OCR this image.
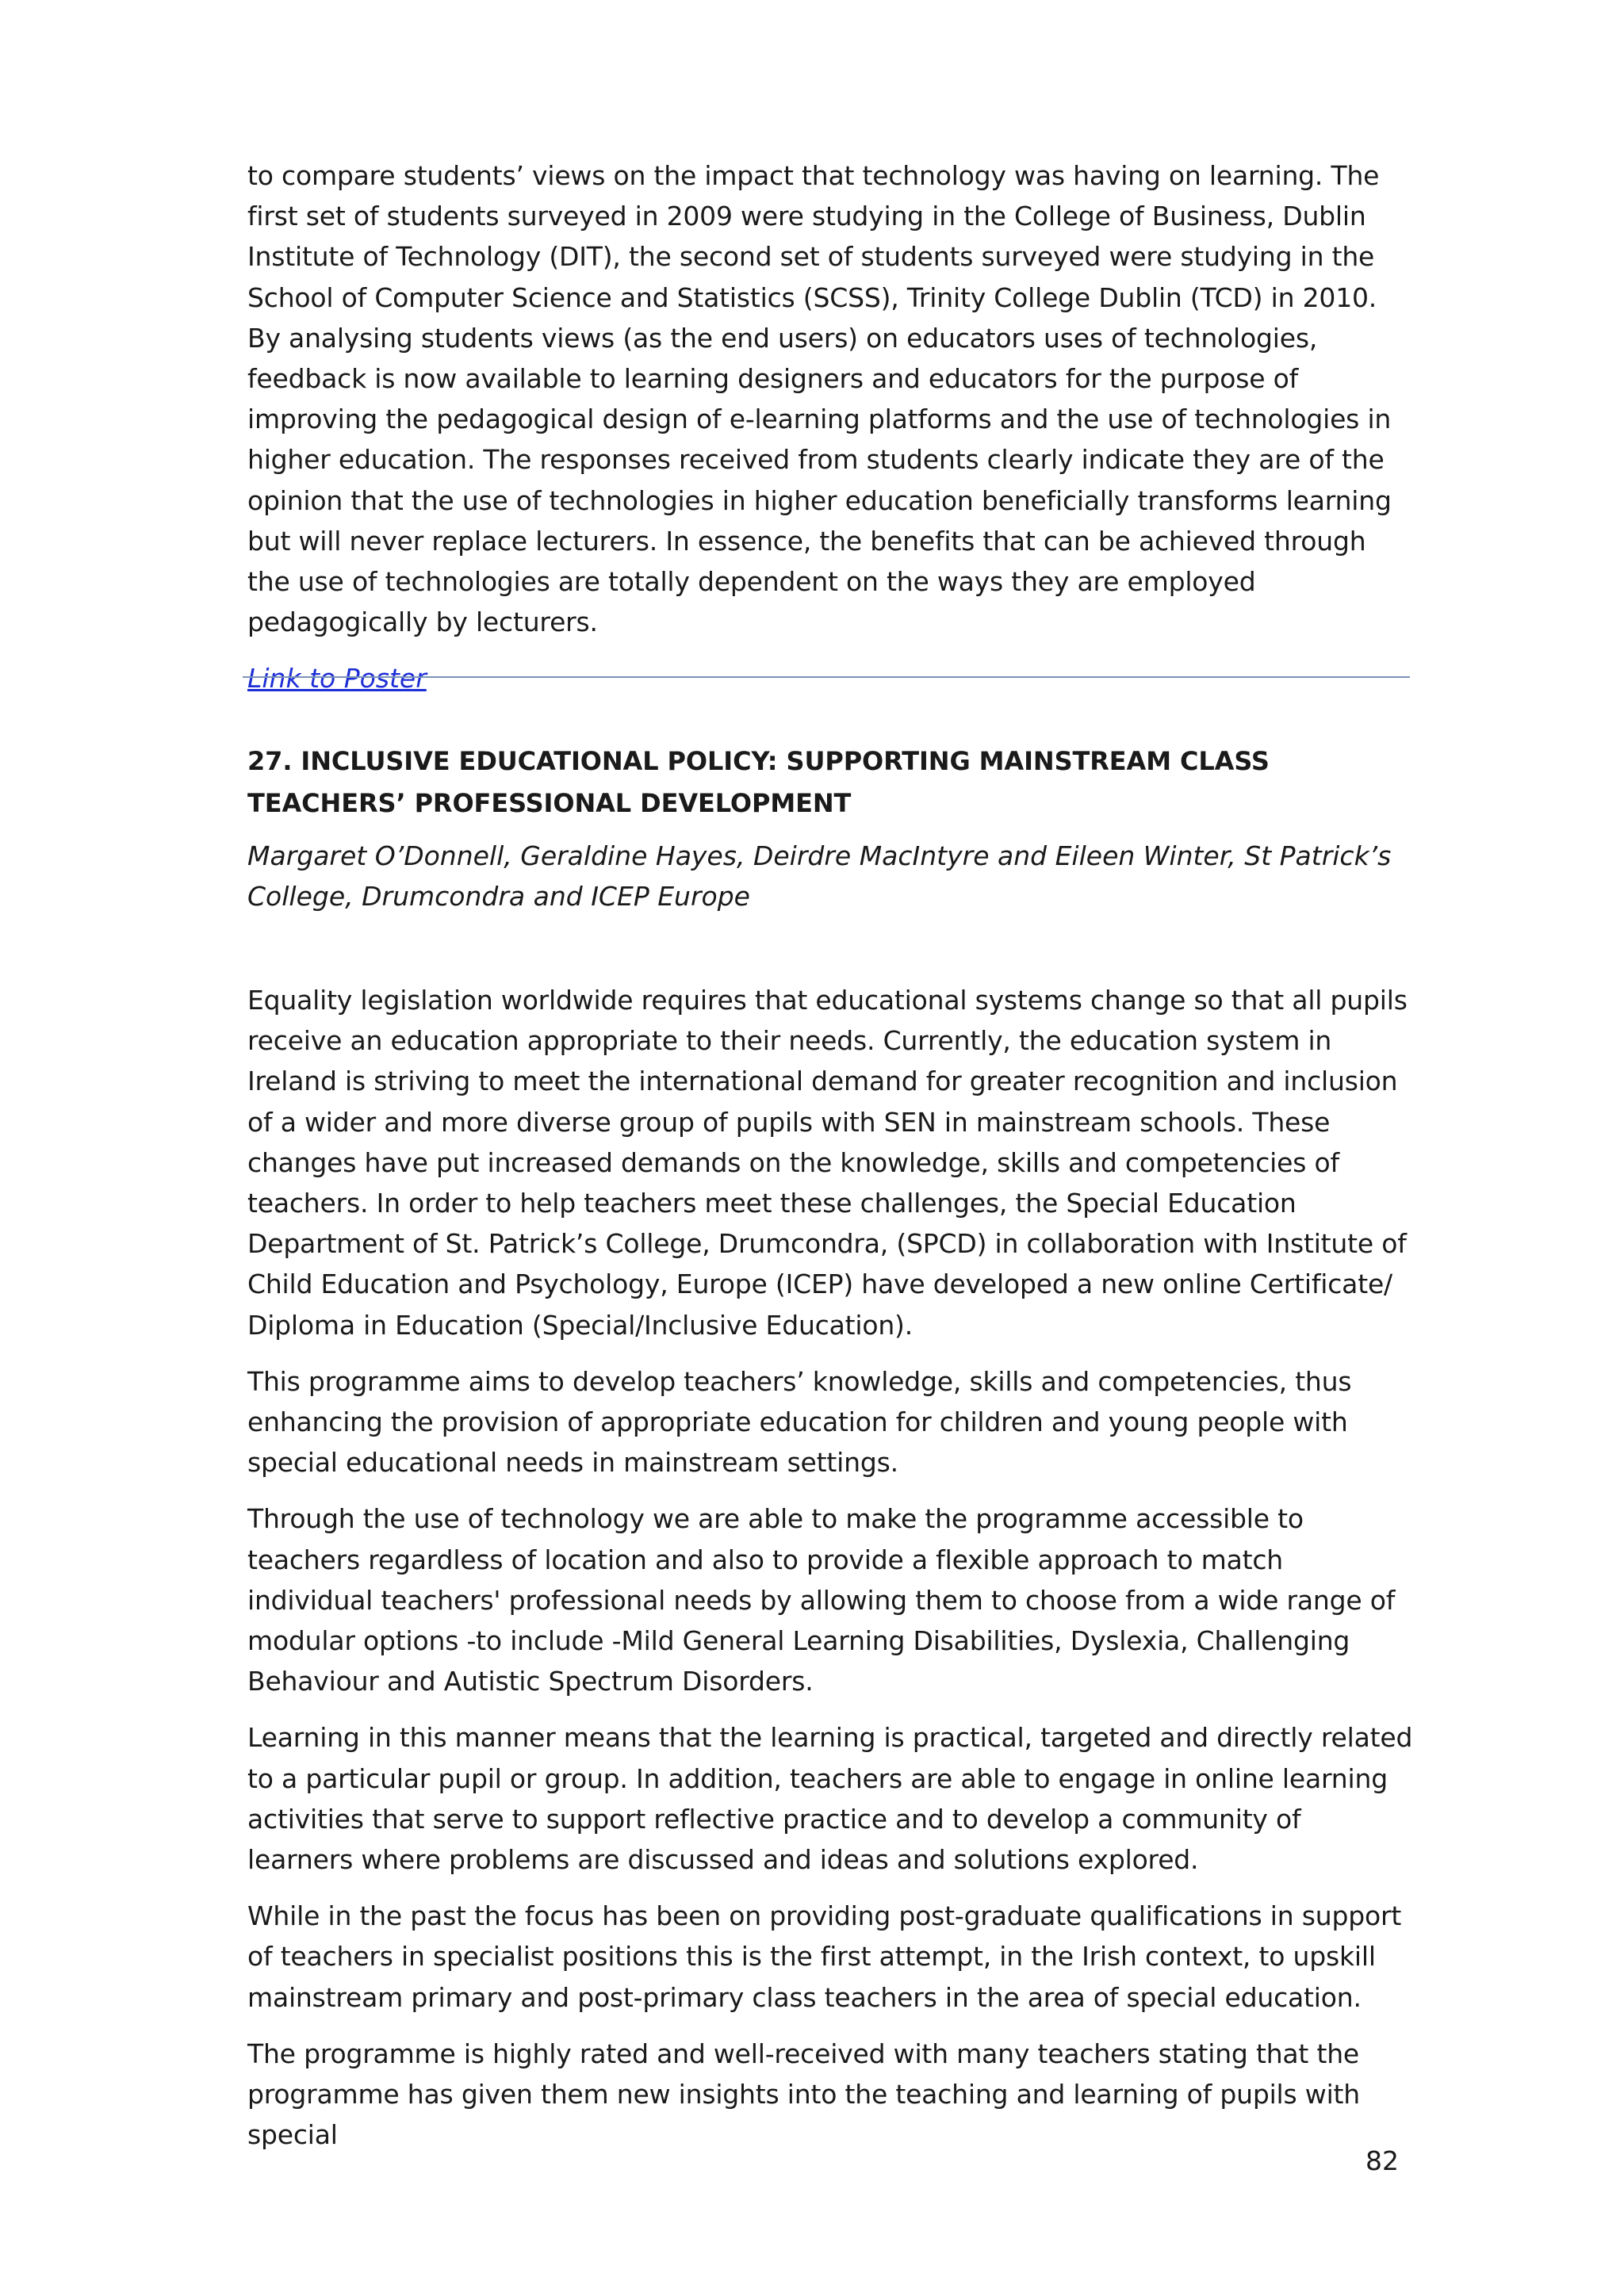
to compare students’ views on the impact that technology was having on learning. The first set of students surveyed in 2009 were studying in the College of Business, Dublin Institute of Technology (DIT), the second set of students surveyed were studying in the School of Computer Science and Statistics (SCSS), Trinity College Dublin (TCD) in 2010. By analysing students views (as the end users) on educators uses of technologies, feedback is now available to learning designers and educators for the purpose of improving the pedagogical design of e-learning platforms and the use of technologies in higher education. The responses received from students clearly indicate they are of the opinion that the use of technologies in higher education beneficially transforms learning but will never replace lecturers. In essence, the benefits that can be achieved through the use of technologies are totally dependent on the ways they are employed pedagogically by lecturers.

Link to Poster
27. INCLUSIVE EDUCATIONAL POLICY: SUPPORTING MAINSTREAM CLASS TEACHERS’ PROFESSIONAL DEVELOPMENT

Margaret O’Donnell, Geraldine Hayes, Deirdre MacIntyre and Eileen Winter, St Patrick’s College, Drumcondra and ICEP Europe

Equality legislation worldwide requires that educational systems change so that all pupils receive an education appropriate to their needs. Currently, the education system in Ireland is striving to meet the international demand for greater recognition and inclusion of a wider and more diverse group of pupils with SEN in mainstream schools. These changes have put increased demands on the knowledge, skills and competencies of teachers. In order to help teachers meet these challenges, the Special Education Department of St. Patrick’s College, Drumcondra, (SPCD) in collaboration with Institute of Child Education and Psychology, Europe (ICEP) have developed a new online Certificate/ Diploma in Education (Special/Inclusive Education).

This programme aims to develop teachers’ knowledge, skills and competencies, thus enhancing the provision of appropriate education for children and young people with special educational needs in mainstream settings.

Through the use of technology we are able to make the programme accessible to teachers regardless of location and also to provide a flexible approach to match individual teachers' professional needs by allowing them to choose from a wide range of modular options -to include -Mild General Learning Disabilities, Dyslexia, Challenging Behaviour and Autistic Spectrum Disorders.

Learning in this manner means that the learning is practical, targeted and directly related to a particular pupil or group. In addition, teachers are able to engage in online learning activities that serve to support reflective practice and to develop a community of learners where problems are discussed and ideas and solutions explored.

While in the past the focus has been on providing post-graduate qualifications in support of teachers in specialist positions this is the first attempt, in the Irish context, to upskill mainstream primary and post-primary class teachers in the area of special education.

The programme is highly rated and well-received with many teachers stating that the programme has given them new insights into the teaching and learning of pupils with special

82
